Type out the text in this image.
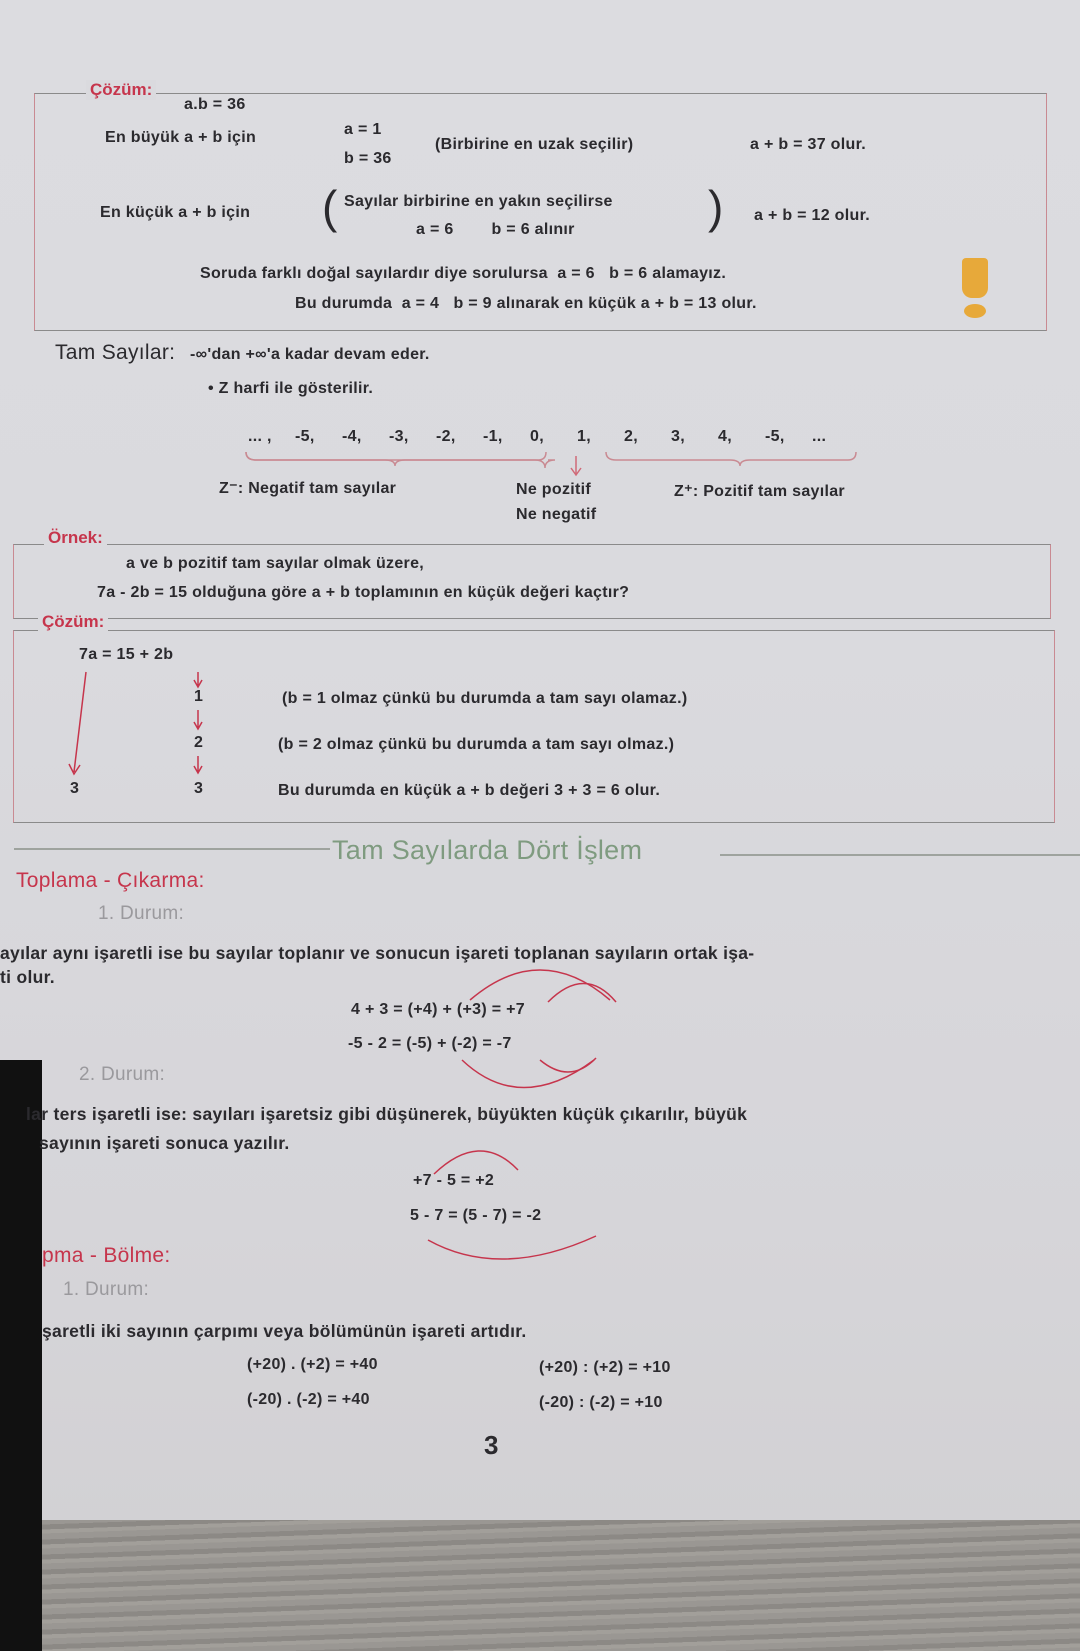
Çözüm:
a.b = 36
En büyük a + b için	a = 1
b = 36
(Birbirine en uzak seçilir)	a + b = 37 olur.
En küçük a + b için ( Sayılar birbirine en yakın seçilirse
a = 6        b = 6 alınır	) a + b = 12 olur.
Soruda farklı doğal sayılardır diye sorulursa  a = 6   b = 6 alamayız.
Bu durumda  a = 4   b = 9 alınarak en küçük a + b = 13 olur.
Tam Sayılar: -∞'dan +∞'a kadar devam eder.
• Z harfi ile gösterilir.
... , -5, -4, -3, -2, -1, 0, 1, 2, 3, 4, -5, ...
Z⁻: Negatif tam sayılar	Ne pozitif
Ne negatif
Z⁺: Pozitif tam sayılar
Örnek:
a ve b pozitif tam sayılar olmak üzere,
7a - 2b = 15 olduğuna göre a + b toplamının en küçük değeri kaçtır?
Çözüm:
7a = 15 + 2b
1
2
3
3
(b = 1 olmaz çünkü bu durumda a tam sayı olamaz.)
(b = 2 olmaz çünkü bu durumda a tam sayı olmaz.)
Bu durumda en küçük a + b değeri 3 + 3 = 6 olur.
Tam Sayılarda Dört İşlem
Toplama - Çıkarma:
1. Durum:
ayılar aynı işaretli ise bu sayılar toplanır ve sonucun işareti toplanan sayıların ortak işa-
ti olur.
4 + 3 = (+4) + (+3) = +7
-5 - 2 = (-5) + (-2) = -7
2. Durum:
lar ters işaretli ise: sayıları işaretsiz gibi düşünerek, büyükten küçük çıkarılır, büyük
sayının işareti sonuca yazılır.
+7 - 5 = +2
5 - 7 = (5 - 7) = -2
pma - Bölme:
1. Durum:
şaretli iki sayının çarpımı veya bölümünün işareti artıdır.
(+20) . (+2) = +40	(+20) : (+2) = +10
(-20) . (-2) = +40	(-20) : (-2) = +10
3
